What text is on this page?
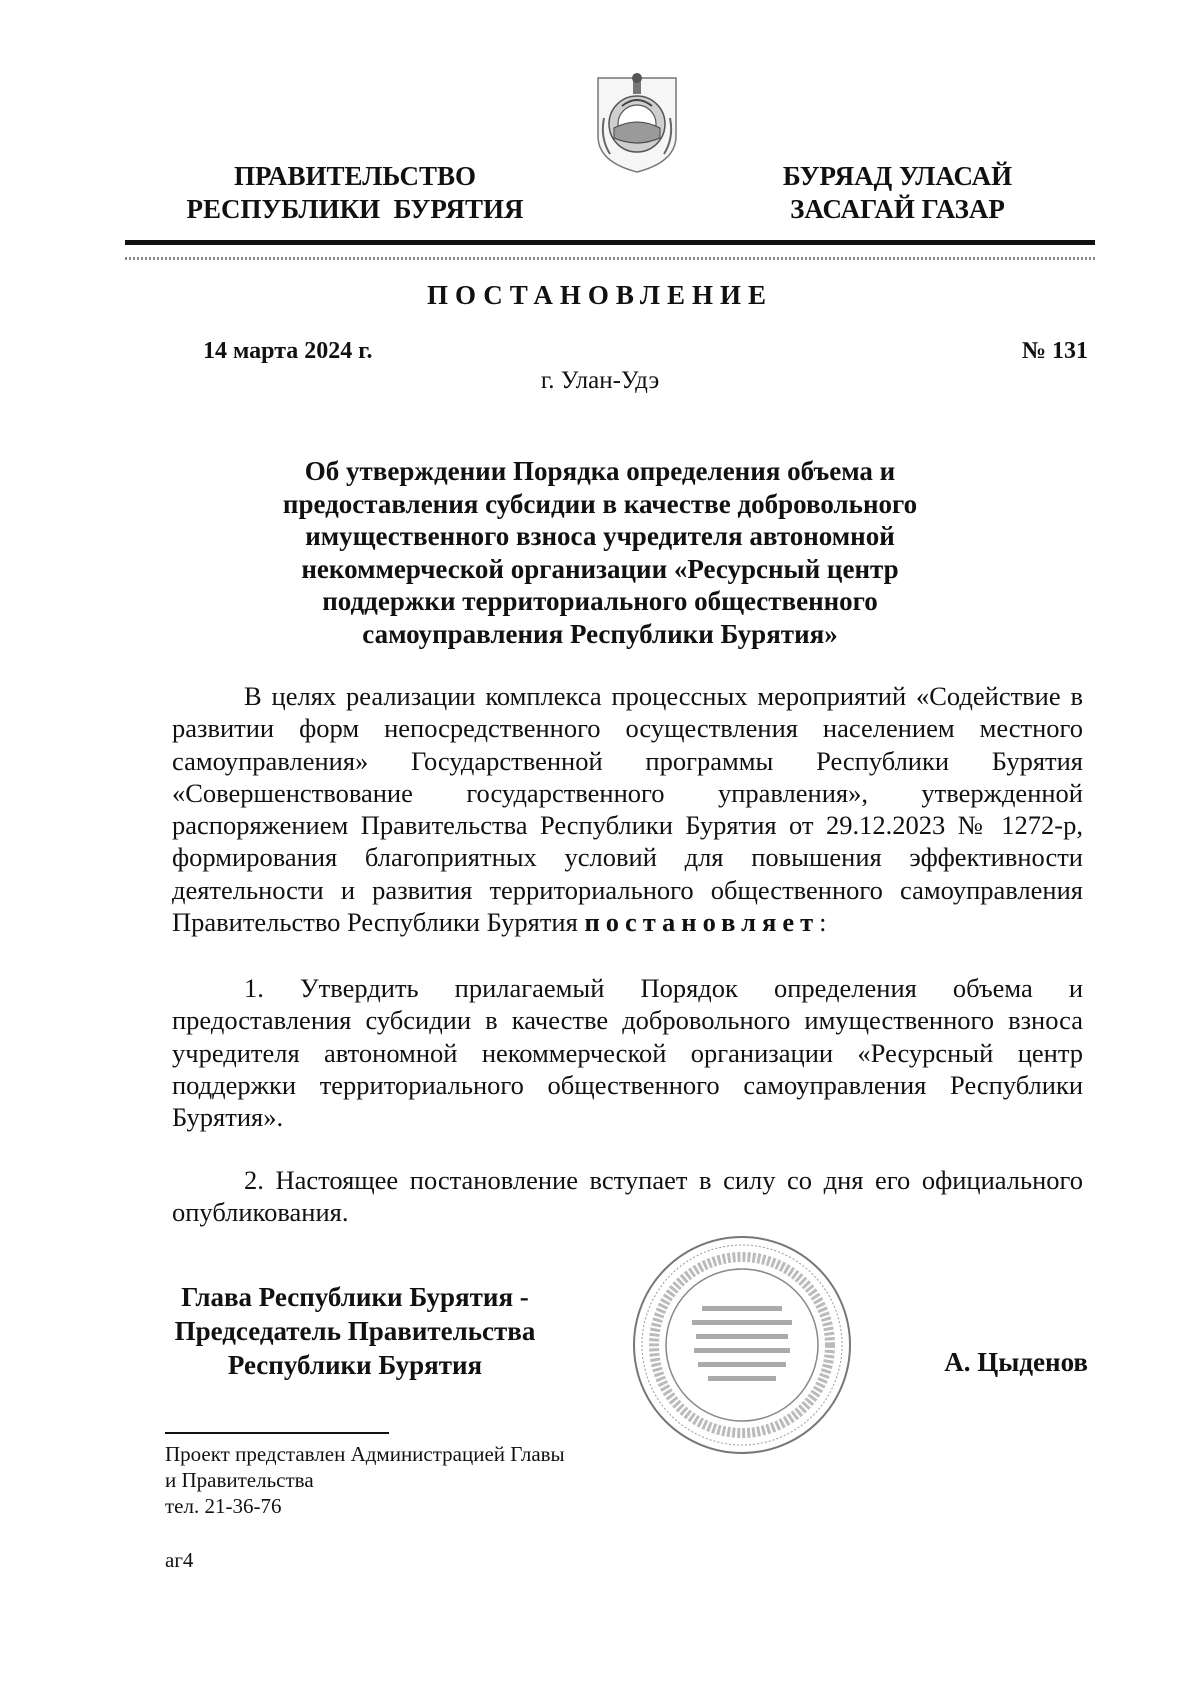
ПРАВИТЕЛЬСТВО
РЕСПУБЛИКИ  БУРЯТИЯ
БУРЯАД УЛАСАЙ
ЗАСАГАЙ ГАЗАР
ПОСТАНОВЛЕНИЕ
14 марта 2024 г.	№ 131
г. Улан-Удэ
Об утверждении Порядка определения объема и предоставления субсидии в качестве добровольного имущественного взноса учредителя автономной некоммерческой организации «Ресурсный центр поддержки территориального общественного самоуправления Республики Бурятия»

В целях реализации комплекса процессных мероприятий «Содействие в развитии форм непосредственного осуществления населением местного самоуправления» Государственной программы Республики Бурятия «Совершенствование государственного управления», утвержденной распоряжением Правительства Республики Бурятия от 29.12.2023 № 1272-р, формирования благоприятных условий для повышения эффективности деятельности и развития территориального общественного самоуправления Правительство Республики Бурятия постановляет:

1. Утвердить прилагаемый Порядок определения объема и предоставления субсидии в качестве добровольного имущественного взноса учредителя автономной некоммерческой организации «Ресурсный центр поддержки территориального общественного самоуправления Республики Бурятия».

2. Настоящее постановление вступает в силу со дня его официального опубликования.

Глава Республики Бурятия -
Председатель Правительства
Республики Бурятия	А. Цыденов
Проект представлен Администрацией Главы
и Правительства
тел. 21-36-76
аг4
